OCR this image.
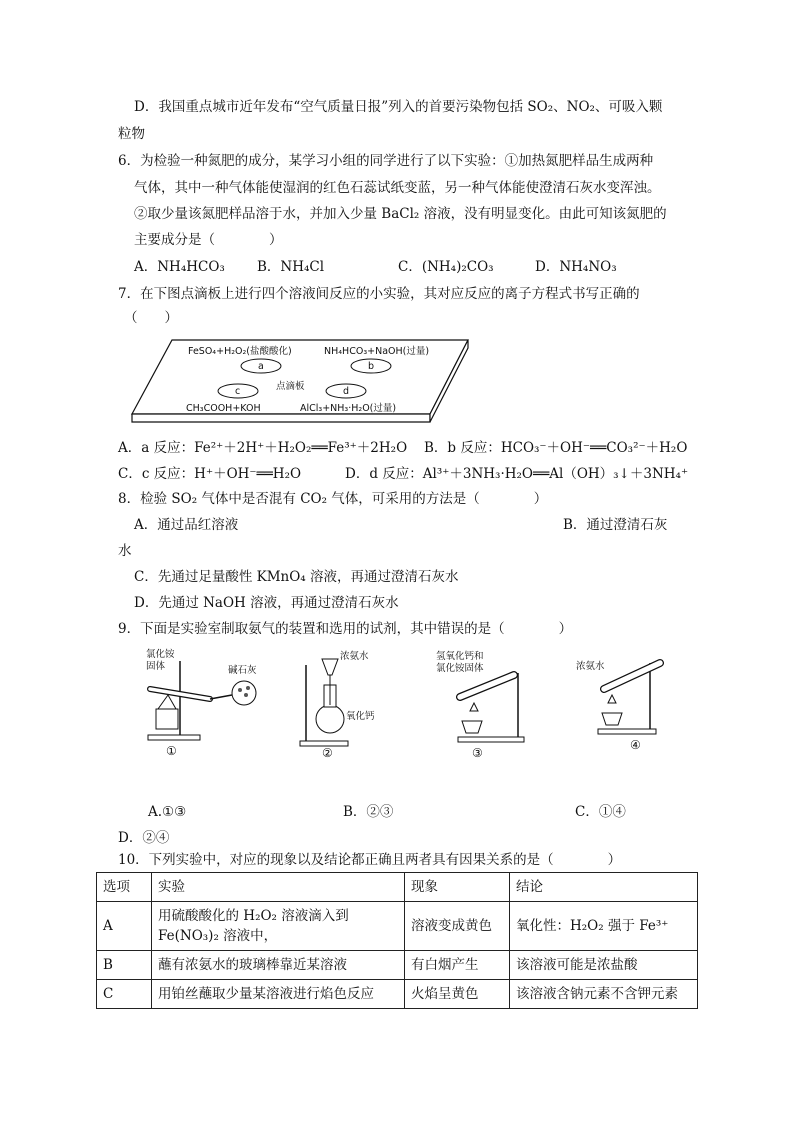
D．我国重点城市近年发布“空气质量日报”列入的首要污染物包括 SO₂、NO₂、可吸入颗
粒物
6．为检验一种氮肥的成分，某学习小组的同学进行了以下实验：①加热氮肥样品生成两种
气体，其中一种气体能使湿润的红色石蕊试纸变蓝，另一种气体能使澄清石灰水变浑浊。
②取少量该氮肥样品溶于水，并加入少量 BaCl₂ 溶液，没有明显变化。由此可知该氮肥的
主要成分是（　　　　）
A．NH₄HCO₃ B．NH₄Cl	C．(NH₄)₂CO₃	D．NH₄NO₃
7．在下图点滴板上进行四个溶液间反应的小实验，其对应反应的离子方程式书写正确的
（　　）
FeSO₄+H₂O₂(盐酸酸化)	NH₄HCO₃+NaOH(过量)
a	b
点滴板
c	d
CH₃COOH+KOH	AlCl₃+NH₃·H₂O(过量)
A．a 反应：Fe²⁺＋2H⁺＋H₂O₂══Fe³⁺＋2H₂O B．b 反应：HCO₃⁻＋OH⁻══CO₃²⁻＋H₂O
C．c 反应：H⁺＋OH⁻══H₂O	D．d 反应：Al³⁺＋3NH₃·H₂O══Al（OH）₃↓＋3NH₄⁺
8．检验 SO₂ 气体中是否混有 CO₂ 气体，可采用的方法是（　　　　）
A．通过品红溶液	B．通过澄清石灰
水
C．先通过足量酸性 KMnO₄ 溶液，再通过澄清石灰水
D．先通过 NaOH 溶液，再通过澄清石灰水
9．下面是实验室制取氨气的装置和选用的试剂，其中错误的是（　　　　）
氯化铵
固体	碱石灰
①
浓氨水
氧化钙
②
氢氧化钙和
氯化铵固体
③
浓氨水
④
A.①③	B．②③	C．①④
D．②④
10．下列实验中，对应的现象以及结论都正确且两者具有因果关系的是（　　　　）
选项	实验	现象	结论
A	用硫酸酸化的 H₂O₂ 溶液滴入到
Fe(NO₃)₂ 溶液中，	溶液变成黄色	氧化性：H₂O₂ 强于 Fe³⁺
B	蘸有浓氨水的玻璃棒靠近某溶液	有白烟产生	该溶液可能是浓盐酸
C	用铂丝蘸取少量某溶液进行焰色反应	火焰呈黄色	该溶液含钠元素不含钾元素
